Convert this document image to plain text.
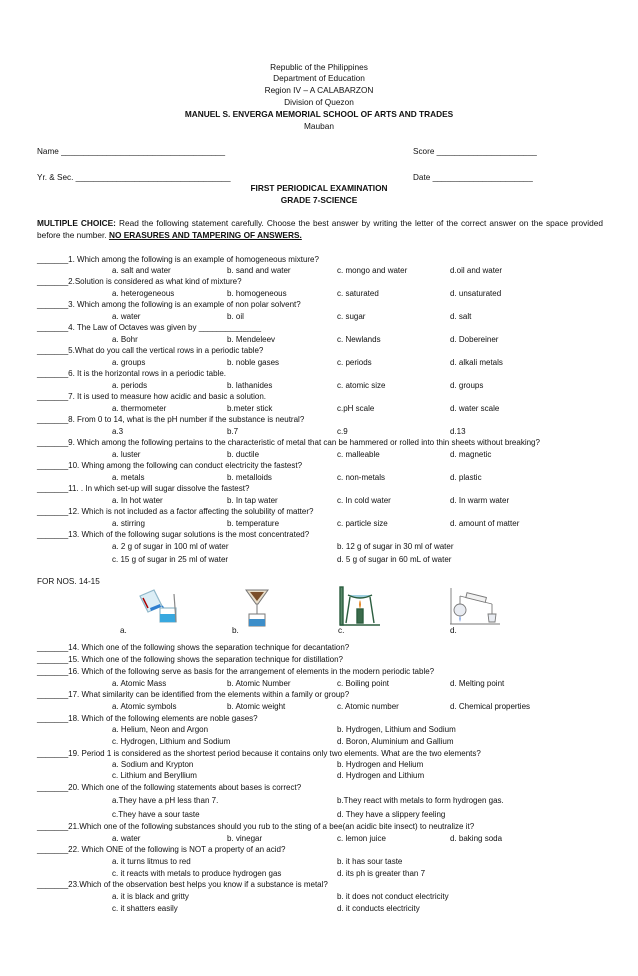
Republic of the Philippines
Department of Education
Region IV – A CALABARZON
Division of Quezon
MANUEL S. ENVERGA MEMORIAL SCHOOL OF ARTS AND TRADES
Mauban
Name ____________________________________	Score ______________________
Yr. & Sec. __________________________________	Date ______________________
FIRST PERIODICAL EXAMINATION
GRADE 7-SCIENCE
MULTIPLE CHOICE: Read the following statement carefully. Choose the best answer by writing the letter of the correct answer on the space provided before the number. NO ERASURES AND TAMPERING OF ANSWERS.
_______1. Which among the following is an example of homogeneous mixture?
a. salt and water	b. sand and water	c. mongo and water	d.oil and water
_______2.Solution is considered as what kind of mixture?
a. heterogeneous	b. homogeneous	c. saturated	d. unsaturated
_______3. Which among the following is an example of non polar solvent?
a. water	b. oil	c. sugar	d. salt
_______4. The Law of Octaves was given by ______________
a. Bohr	b. Mendeleev	c. Newlands	d. Dobereiner
_______5.What do you call the vertical rows in a periodic table?
a. groups	b. noble gases	c. periods	d. alkali metals
_______6. It is the horizontal rows in a periodic table.
a. periods	b. lathanides	c. atomic size	d. groups
_______7. It is used to measure how acidic and basic a solution.
a. thermometer	b.meter stick	c.pH scale	d. water scale
_______8. From 0 to 14, what is the pH number if the substance is neutral?
a.3	b.7	c.9	d.13
_______9. Which among the following pertains to the characteristic of metal that can be hammered or rolled into thin sheets without breaking?
a. luster	b. ductile	c. malleable	d. magnetic
_______10. Whing among the following can conduct electricity the fastest?
a. metals	b. metalloids	c. non-metals	d. plastic
_______11. . In which set-up will sugar dissolve the fastest?
a. In hot water	b. In tap water	c. In cold water	d. In warm water
_______12. Which is not included as a factor affecting the solubility of matter?
a. stirring	b. temperature	c. particle size	d. amount of matter
_______13. Which of the following sugar solutions is the most concentrated?
a. 2 g of sugar in 100 ml of water	b. 12 g of sugar in 30 ml of water
c. 15 g of sugar in 25 ml of water	d. 5 g of sugar in 60 mL of water
_______14. Which one of the following shows the separation technique for decantation?
_______15. Which one of the following shows the separation technique for distillation?
_______16. Which of the following serve as basis for the arrangement of elements in the modern periodic table?
a. Atomic Mass	b. Atomic Number	c. Boiling point	d. Melting point
_______17. What similarity can be identified from the elements within a family or group?
a. Atomic symbols	b. Atomic weight	c. Atomic number	d. Chemical properties
_______18. Which of the following elements are noble gases?
a. Helium, Neon and Argon	b. Hydrogen, Lithium and Sodium
c. Hydrogen, Lithium and Sodium	d. Boron, Aluminium and Gallium
_______19. Period 1 is considered as the shortest period because it contains only two elements. What are the two elements?
a. Sodium and Krypton	b. Hydrogen and Helium
c. Lithium and Beryllium	d. Hydrogen and Lithium
_______20. Which one of the following statements about bases is correct?
a.They have a pH less than 7.	b.They react with metals to form hydrogen gas.
c.They have a sour taste	d. They have a slippery feeling
_______21.Which one of the following substances should you rub to the sting of a bee(an acidic bite insect) to neutralize it?
a. water	b. vinegar	c. lemon juice	d. baking soda
_______22. Which ONE of the following is NOT a property of an acid?
a. it turns litmus to red	b. it has sour taste
c. it reacts with metals to produce hydrogen gas	d. its ph is greater than 7
_______23.Which of the observation best helps you know if a substance is metal?
a. it is black and gritty	b. it does not conduct electricity
c. it shatters easily	d. it conducts electricity
FOR NOS. 14-15
a.	b.	c.	d.
